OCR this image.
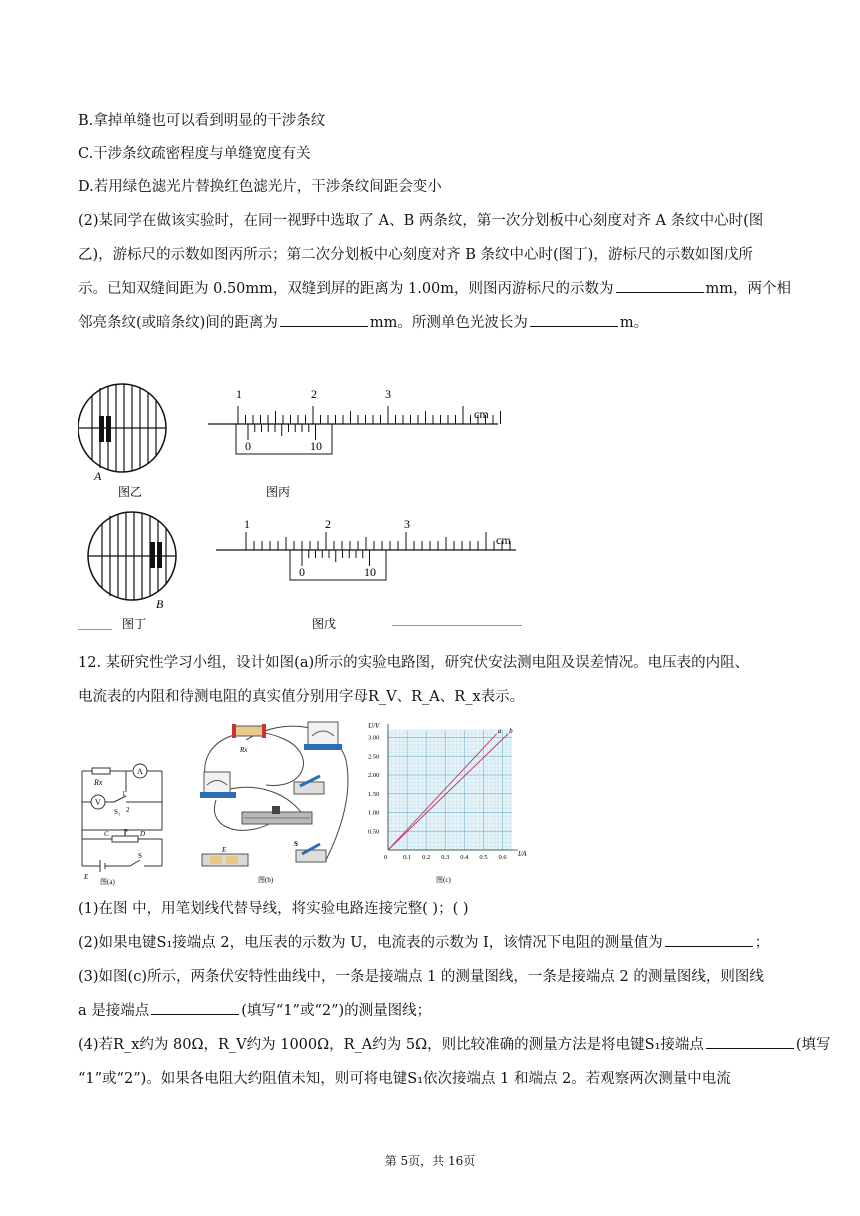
B.拿掉单缝也可以看到明显的干涉条纹
C.干涉条纹疏密程度与单缝宽度有关
D.若用绿色滤光片替换红色滤光片，干涉条纹间距会变小
(2)某同学在做该实验时，在同一视野中选取了 A、B 两条纹，第一次分划板中心刻度对齐 A 条纹中心时(图
乙)，游标尺的示数如图丙所示；第二次分划板中心刻度对齐 B 条纹中心时(图丁)，游标尺的示数如图戊所
示。已知双缝间距为 0.50mm，双缝到屏的距离为 1.00m，则图丙游标尺的示数为	mm，两个相
邻亮条纹(或暗条纹)间的距离为	mm。所测单色光波长为	m。
A
图乙
1	2	3
cm
0	10
图丙
B
图丁
1	2	3
cm
0	10
图戊
12. 某研究性学习小组，设计如图(a)所示的实验电路图，研究伏安法测电阻及误差情况。电压表的内阻、
电流表的内阻和待测电阻的真实值分别用字母R_V、R_A、R_x表示。
Rx
A
V
1
2
S₁
P
C	D
E
S
图(a)
Rx
E
S
图(b)
0 0.1 0.2 0.3 0.4 0.5 0.6
0.50
1.00
1.50
2.00
2.50
3.00
a b
U/V
I/A
图(c)
(1)在图 中，用笔划线代替导线，将实验电路连接完整( )；( )
(2)如果电键S₁接端点 2，电压表的示数为 U，电流表的示数为 I，该情况下电阻的测量值为	；
(3)如图(c)所示，两条伏安特性曲线中，一条是接端点 1 的测量图线，一条是接端点 2 的测量图线，则图线
a 是接端点	(填写“1”或“2”)的测量图线；
(4)若R_x约为 80Ω，R_V约为 1000Ω，R_A约为 5Ω，则比较准确的测量方法是将电键S₁接端点	(填写
“1”或“2”)。如果各电阻大约阻值未知，则可将电键S₁依次接端点 1 和端点 2。若观察两次测量中电流
第 5页，共 16页
